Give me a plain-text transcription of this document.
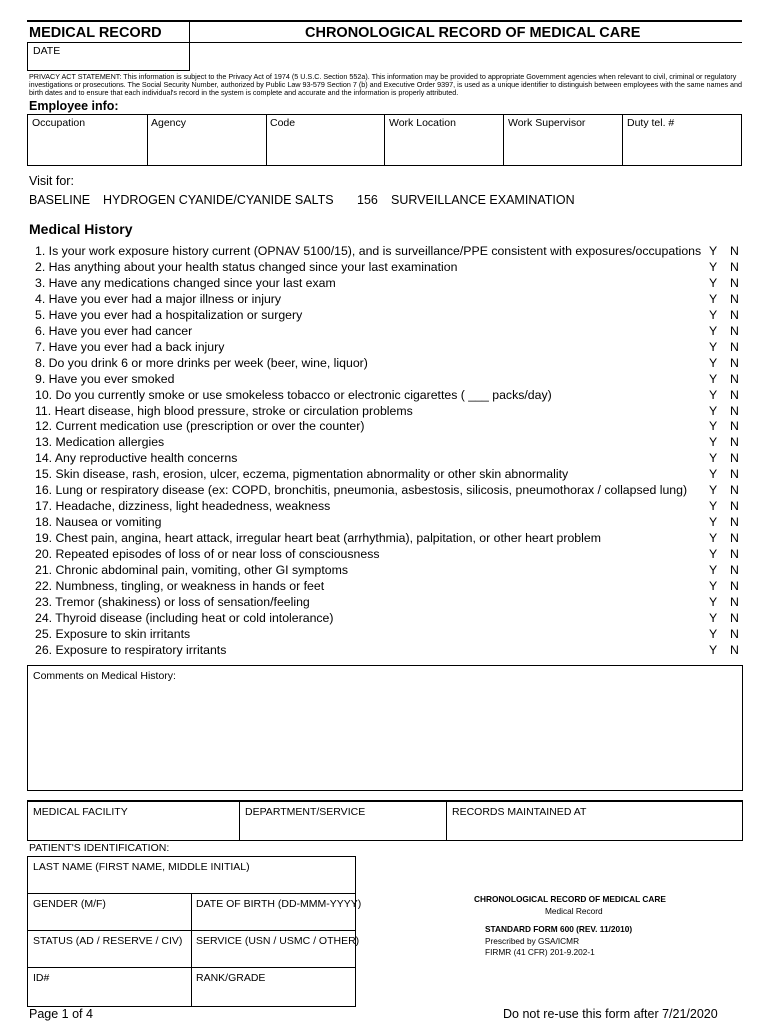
MEDICAL RECORD	CHRONOLOGICAL RECORD OF MEDICAL CARE
DATE
PRIVACY ACT STATEMENT: This information is subject to the Privacy Act of 1974 (5 U.S.C. Section 552a). This information may be provided to appropriate Government agencies when relevant to civil, criminal or regulatory investigations or prosecutions. The Social Security Number, authorized by Public Law 93-579 Section 7 (b) and Executive Order 9397, is used as a unique identifier to distinguish between employees with the same names and birth dates and to ensure that each individual's record in the system is complete and accurate and the information is properly attributed.
Employee info:
Occupation	Agency	Code	Work Location	Work Supervisor	Duty tel. #
Visit for:
BASELINE HYDROGEN CYANIDE/CYANIDE SALTS 156 SURVEILLANCE EXAMINATION
Medical History
1. Is your work exposure history current (OPNAV 5100/15), and is surveillance/PPE consistent with exposures/occupations Y N
2. Has anything about your health status changed since your last examination	Y N
3. Have any medications changed since your last exam	Y N
4. Have you ever had a major illness or injury	Y N
5. Have you ever had a hospitalization or surgery	Y N
6. Have you ever had cancer	Y N
7. Have you ever had a back injury	Y N
8. Do you drink 6 or more drinks per week (beer, wine, liquor)	Y N
9. Have you ever smoked	Y N
10. Do you currently smoke or use smokeless tobacco or electronic cigarettes ( ___ packs/day)	Y N
11. Heart disease, high blood pressure, stroke or circulation problems	Y N
12. Current medication use (prescription or over the counter)	Y N
13. Medication allergies	Y N
14. Any reproductive health concerns	Y N
15. Skin disease, rash, erosion, ulcer, eczema, pigmentation abnormality or other skin abnormality	Y N
16. Lung or respiratory disease (ex: COPD, bronchitis, pneumonia, asbestosis, silicosis, pneumothorax / collapsed lung) Y N
17. Headache, dizziness, light headedness, weakness	Y N
18. Nausea or vomiting	Y N
19. Chest pain, angina, heart attack, irregular heart beat (arrhythmia), palpitation, or other heart problem	Y N
20. Repeated episodes of loss of or near loss of consciousness	Y N
21. Chronic abdominal pain, vomiting, other GI symptoms	Y N
22. Numbness, tingling, or weakness in hands or feet	Y N
23. Tremor (shakiness) or loss of sensation/feeling	Y N
24. Thyroid disease (including heat or cold intolerance)	Y N
25. Exposure to skin irritants	Y N
26. Exposure to respiratory irritants	Y N
Comments on Medical History:
MEDICAL FACILITY	DEPARTMENT/SERVICE	RECORDS MAINTAINED AT
PATIENT'S IDENTIFICATION:
LAST NAME (FIRST NAME, MIDDLE INITIAL)
GENDER (M/F)	DATE OF BIRTH (DD-MMM-YYYY)
STATUS (AD / RESERVE / CIV) SERVICE (USN / USMC / OTHER)
ID#	RANK/GRADE
CHRONOLOGICAL RECORD OF MEDICAL CARE
Medical Record
STANDARD FORM 600 (REV. 11/2010)
Prescribed by GSA/ICMR
FIRMR (41 CFR) 201-9.202-1
Page 1 of 4	Do not re-use this form after 7/21/2020
